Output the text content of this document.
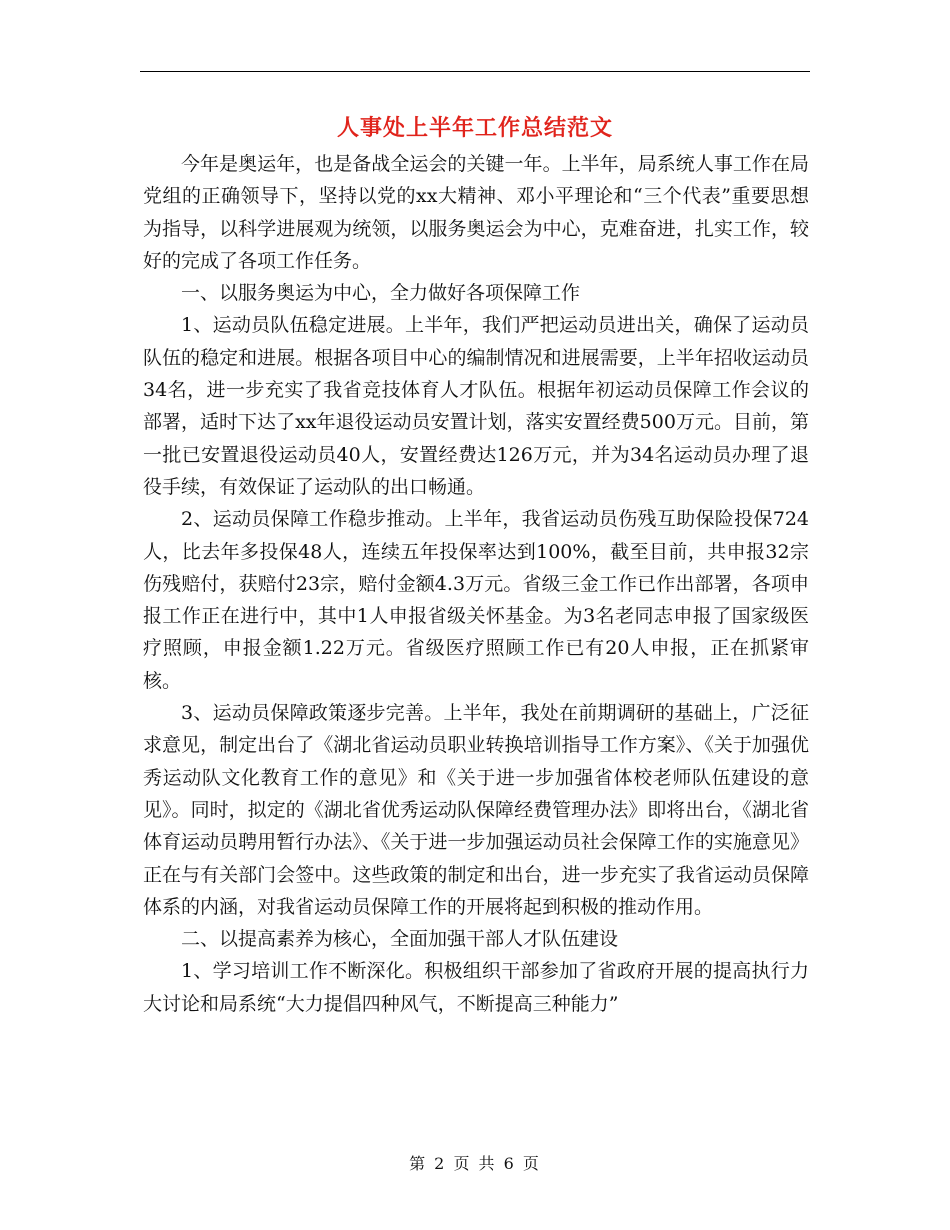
人事处上半年工作总结范文

今年是奥运年，也是备战全运会的关键一年。上半年，局系统人事工作在局党组的正确领导下，坚持以党的xx大精神、邓小平理论和“三个代表”重要思想为指导，以科学进展观为统领，以服务奥运会为中心，克难奋进，扎实工作，较好的完成了各项工作任务。

一、以服务奥运为中心，全力做好各项保障工作

1、运动员队伍稳定进展。上半年，我们严把运动员进出关，确保了运动员队伍的稳定和进展。根据各项目中心的编制情况和进展需要，上半年招收运动员34名，进一步充实了我省竞技体育人才队伍。根据年初运动员保障工作会议的部署，适时下达了xx年退役运动员安置计划，落实安置经费500万元。目前，第一批已安置退役运动员40人，安置经费达126万元，并为34名运动员办理了退役手续，有效保证了运动队的出口畅通。

2、运动员保障工作稳步推动。上半年，我省运动员伤残互助保险投保724人，比去年多投保48人，连续五年投保率达到100%，截至目前，共申报32宗伤残赔付，获赔付23宗，赔付金额4.3万元。省级三金工作已作出部署，各项申报工作正在进行中，其中1人申报省级关怀基金。为3名老同志申报了国家级医疗照顾，申报金额1.22万元。省级医疗照顾工作已有20人申报，正在抓紧审核。

3、运动员保障政策逐步完善。上半年，我处在前期调研的基础上，广泛征求意见，制定出台了《湖北省运动员职业转换培训指导工作方案》、《关于加强优秀运动队文化教育工作的意见》和《关于进一步加强省体校老师队伍建设的意见》。同时，拟定的《湖北省优秀运动队保障经费管理办法》即将出台，《湖北省体育运动员聘用暂行办法》、《关于进一步加强运动员社会保障工作的实施意见》正在与有关部门会签中。这些政策的制定和出台，进一步充实了我省运动员保障体系的内涵，对我省运动员保障工作的开展将起到积极的推动作用。

二、以提高素养为核心，全面加强干部人才队伍建设

1、学习培训工作不断深化。积极组织干部参加了省政府开展的提高执行力大讨论和局系统“大力提倡四种风气，不断提高三种能力”

第 2 页 共 6 页
